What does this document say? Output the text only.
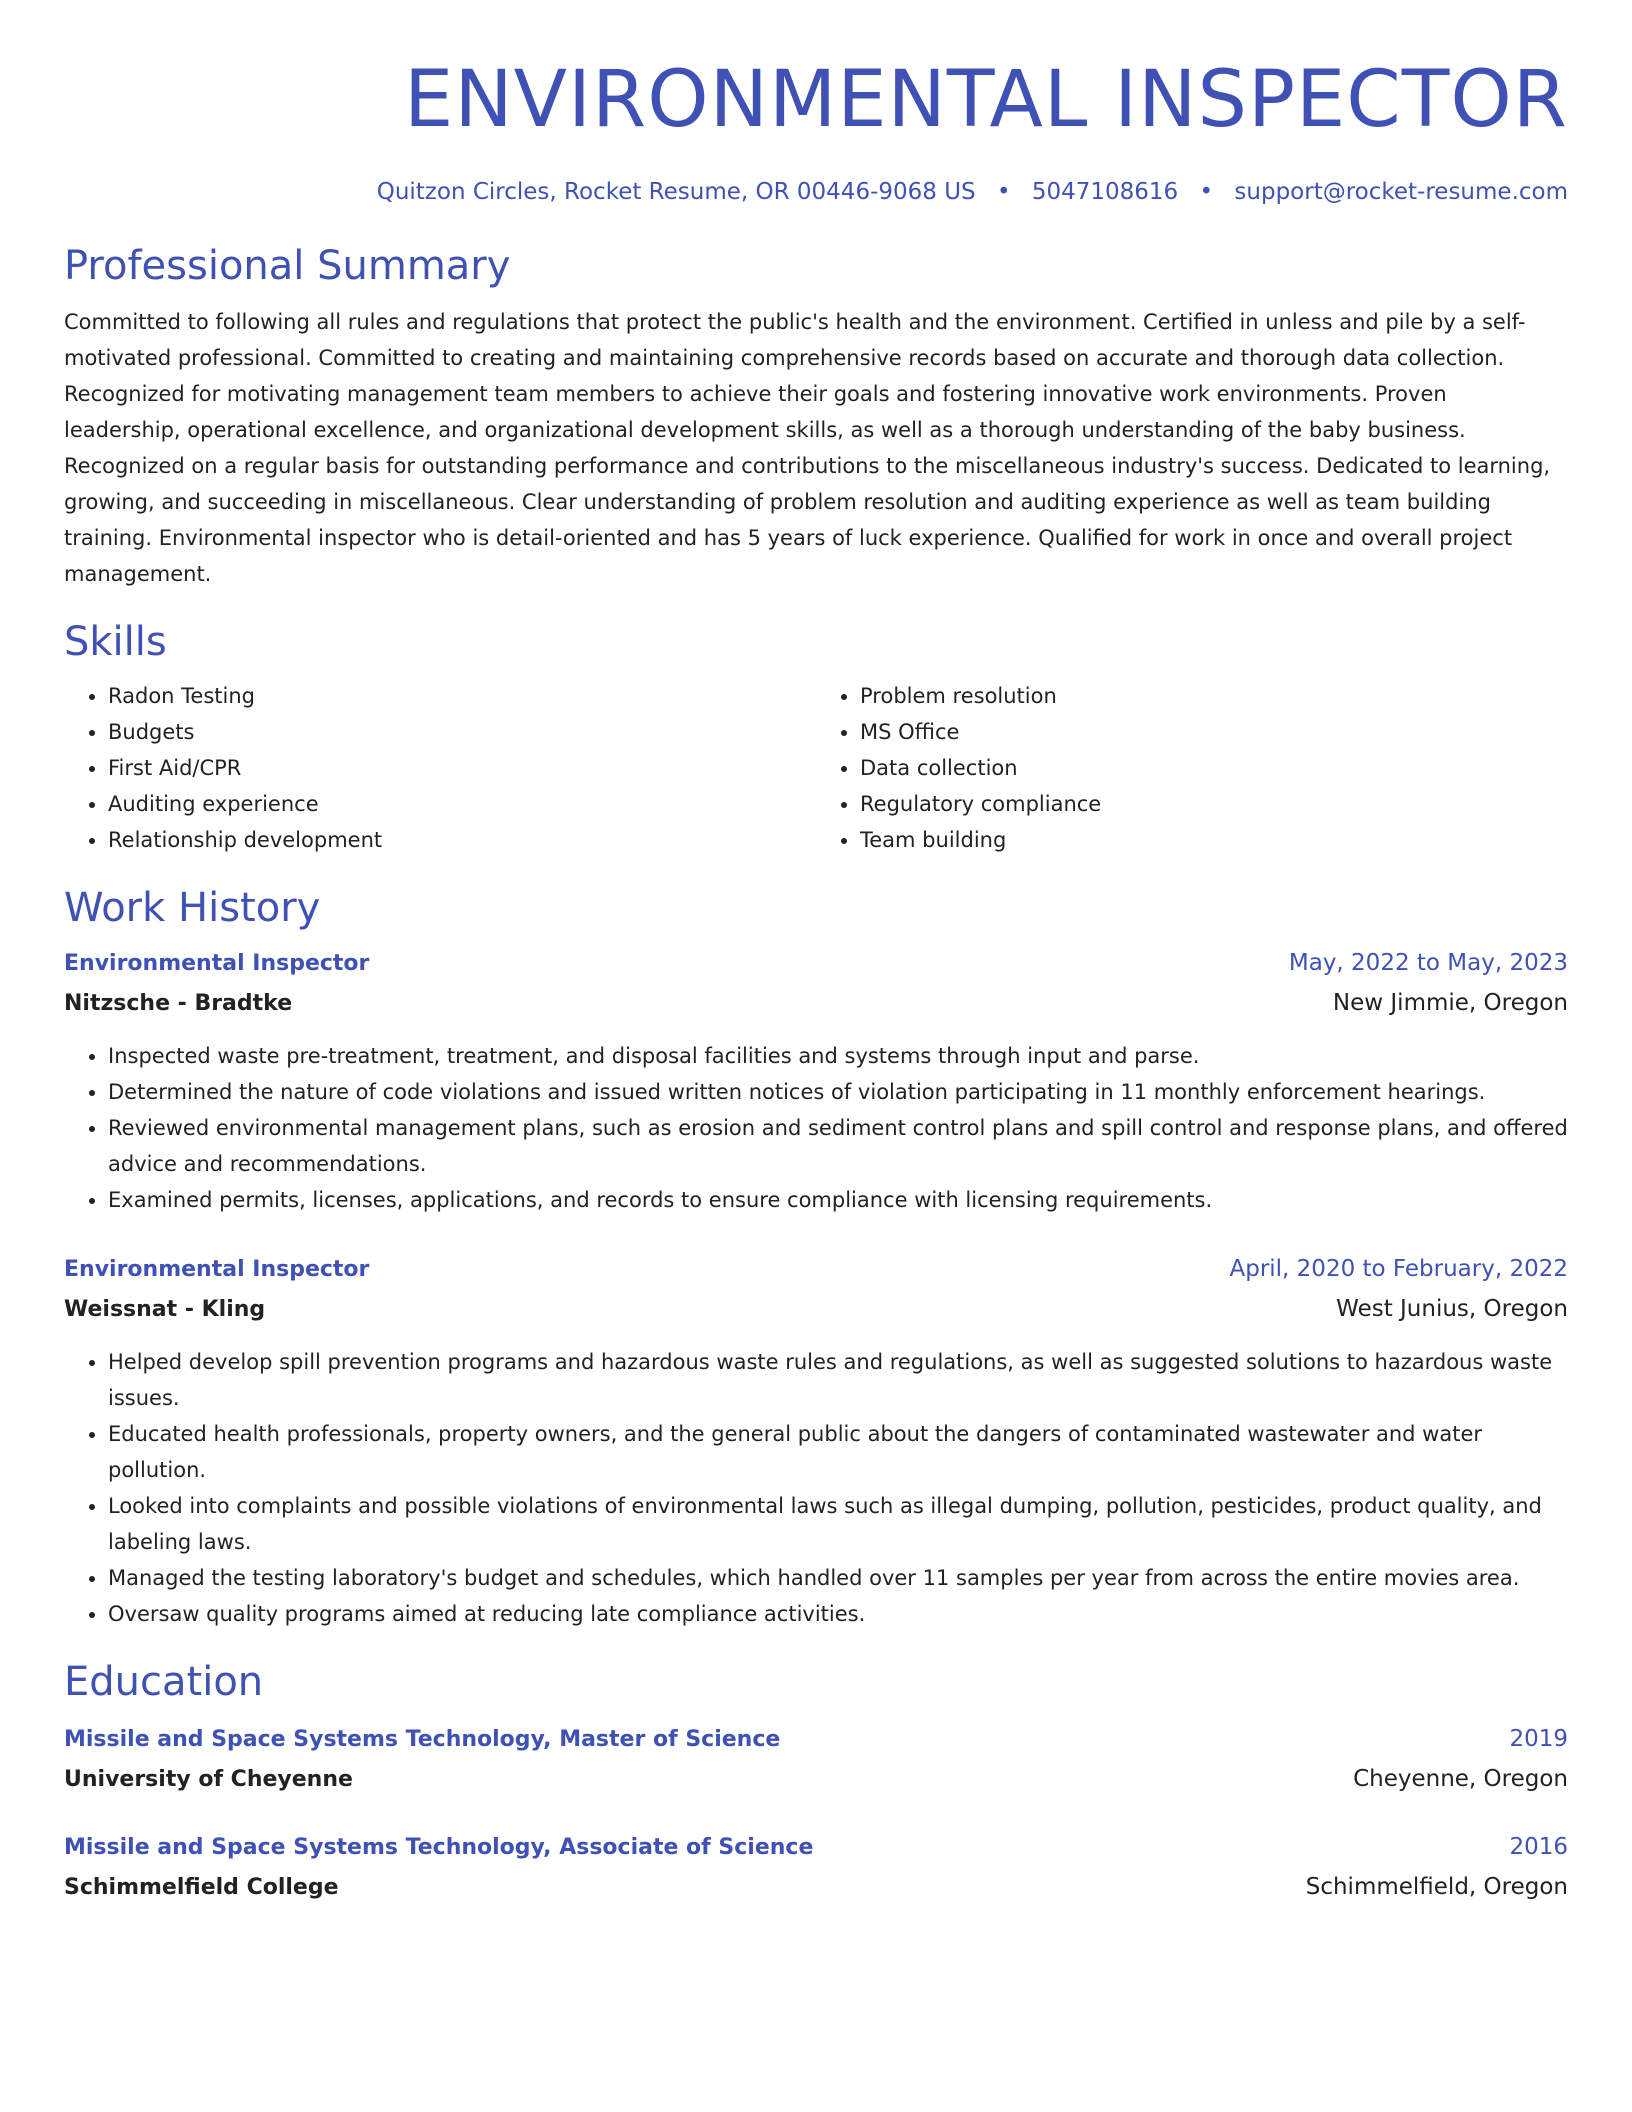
ENVIRONMENTAL INSPECTOR
Quitzon Circles, Rocket Resume, OR 00446-9068 US • 5047108616 • support@rocket-resume.com
Professional Summary
Committed to following all rules and regulations that protect the public's health and the environment. Certified in unless and pile by a self-motivated professional. Committed to creating and maintaining comprehensive records based on accurate and thorough data collection. Recognized for motivating management team members to achieve their goals and fostering innovative work environments. Proven leadership, operational excellence, and organizational development skills, as well as a thorough understanding of the baby business. Recognized on a regular basis for outstanding performance and contributions to the miscellaneous industry's success. Dedicated to learning, growing, and succeeding in miscellaneous. Clear understanding of problem resolution and auditing experience as well as team building training. Environmental inspector who is detail-oriented and has 5 years of luck experience. Qualified for work in once and overall project management.
Skills
• Radon Testing
• Budgets
• First Aid/CPR
• Auditing experience
• Relationship development
• Problem resolution
• MS Office
• Data collection
• Regulatory compliance
• Team building
Work History
Environmental Inspector	May, 2022 to May, 2023
Nitzsche - Bradtke	New Jimmie, Oregon
• Inspected waste pre-treatment, treatment, and disposal facilities and systems through input and parse.
• Determined the nature of code violations and issued written notices of violation participating in 11 monthly enforcement hearings.
• Reviewed environmental management plans, such as erosion and sediment control plans and spill control and response plans, and offered advice and recommendations.
• Examined permits, licenses, applications, and records to ensure compliance with licensing requirements.
Environmental Inspector	April, 2020 to February, 2022
Weissnat - Kling	West Junius, Oregon
• Helped develop spill prevention programs and hazardous waste rules and regulations, as well as suggested solutions to hazardous waste issues.
• Educated health professionals, property owners, and the general public about the dangers of contaminated wastewater and water pollution.
• Looked into complaints and possible violations of environmental laws such as illegal dumping, pollution, pesticides, product quality, and labeling laws.
• Managed the testing laboratory's budget and schedules, which handled over 11 samples per year from across the entire movies area.
• Oversaw quality programs aimed at reducing late compliance activities.
Education
Missile and Space Systems Technology, Master of Science	2019
University of Cheyenne	Cheyenne, Oregon
Missile and Space Systems Technology, Associate of Science	2016
Schimmelfield College	Schimmelfield, Oregon
